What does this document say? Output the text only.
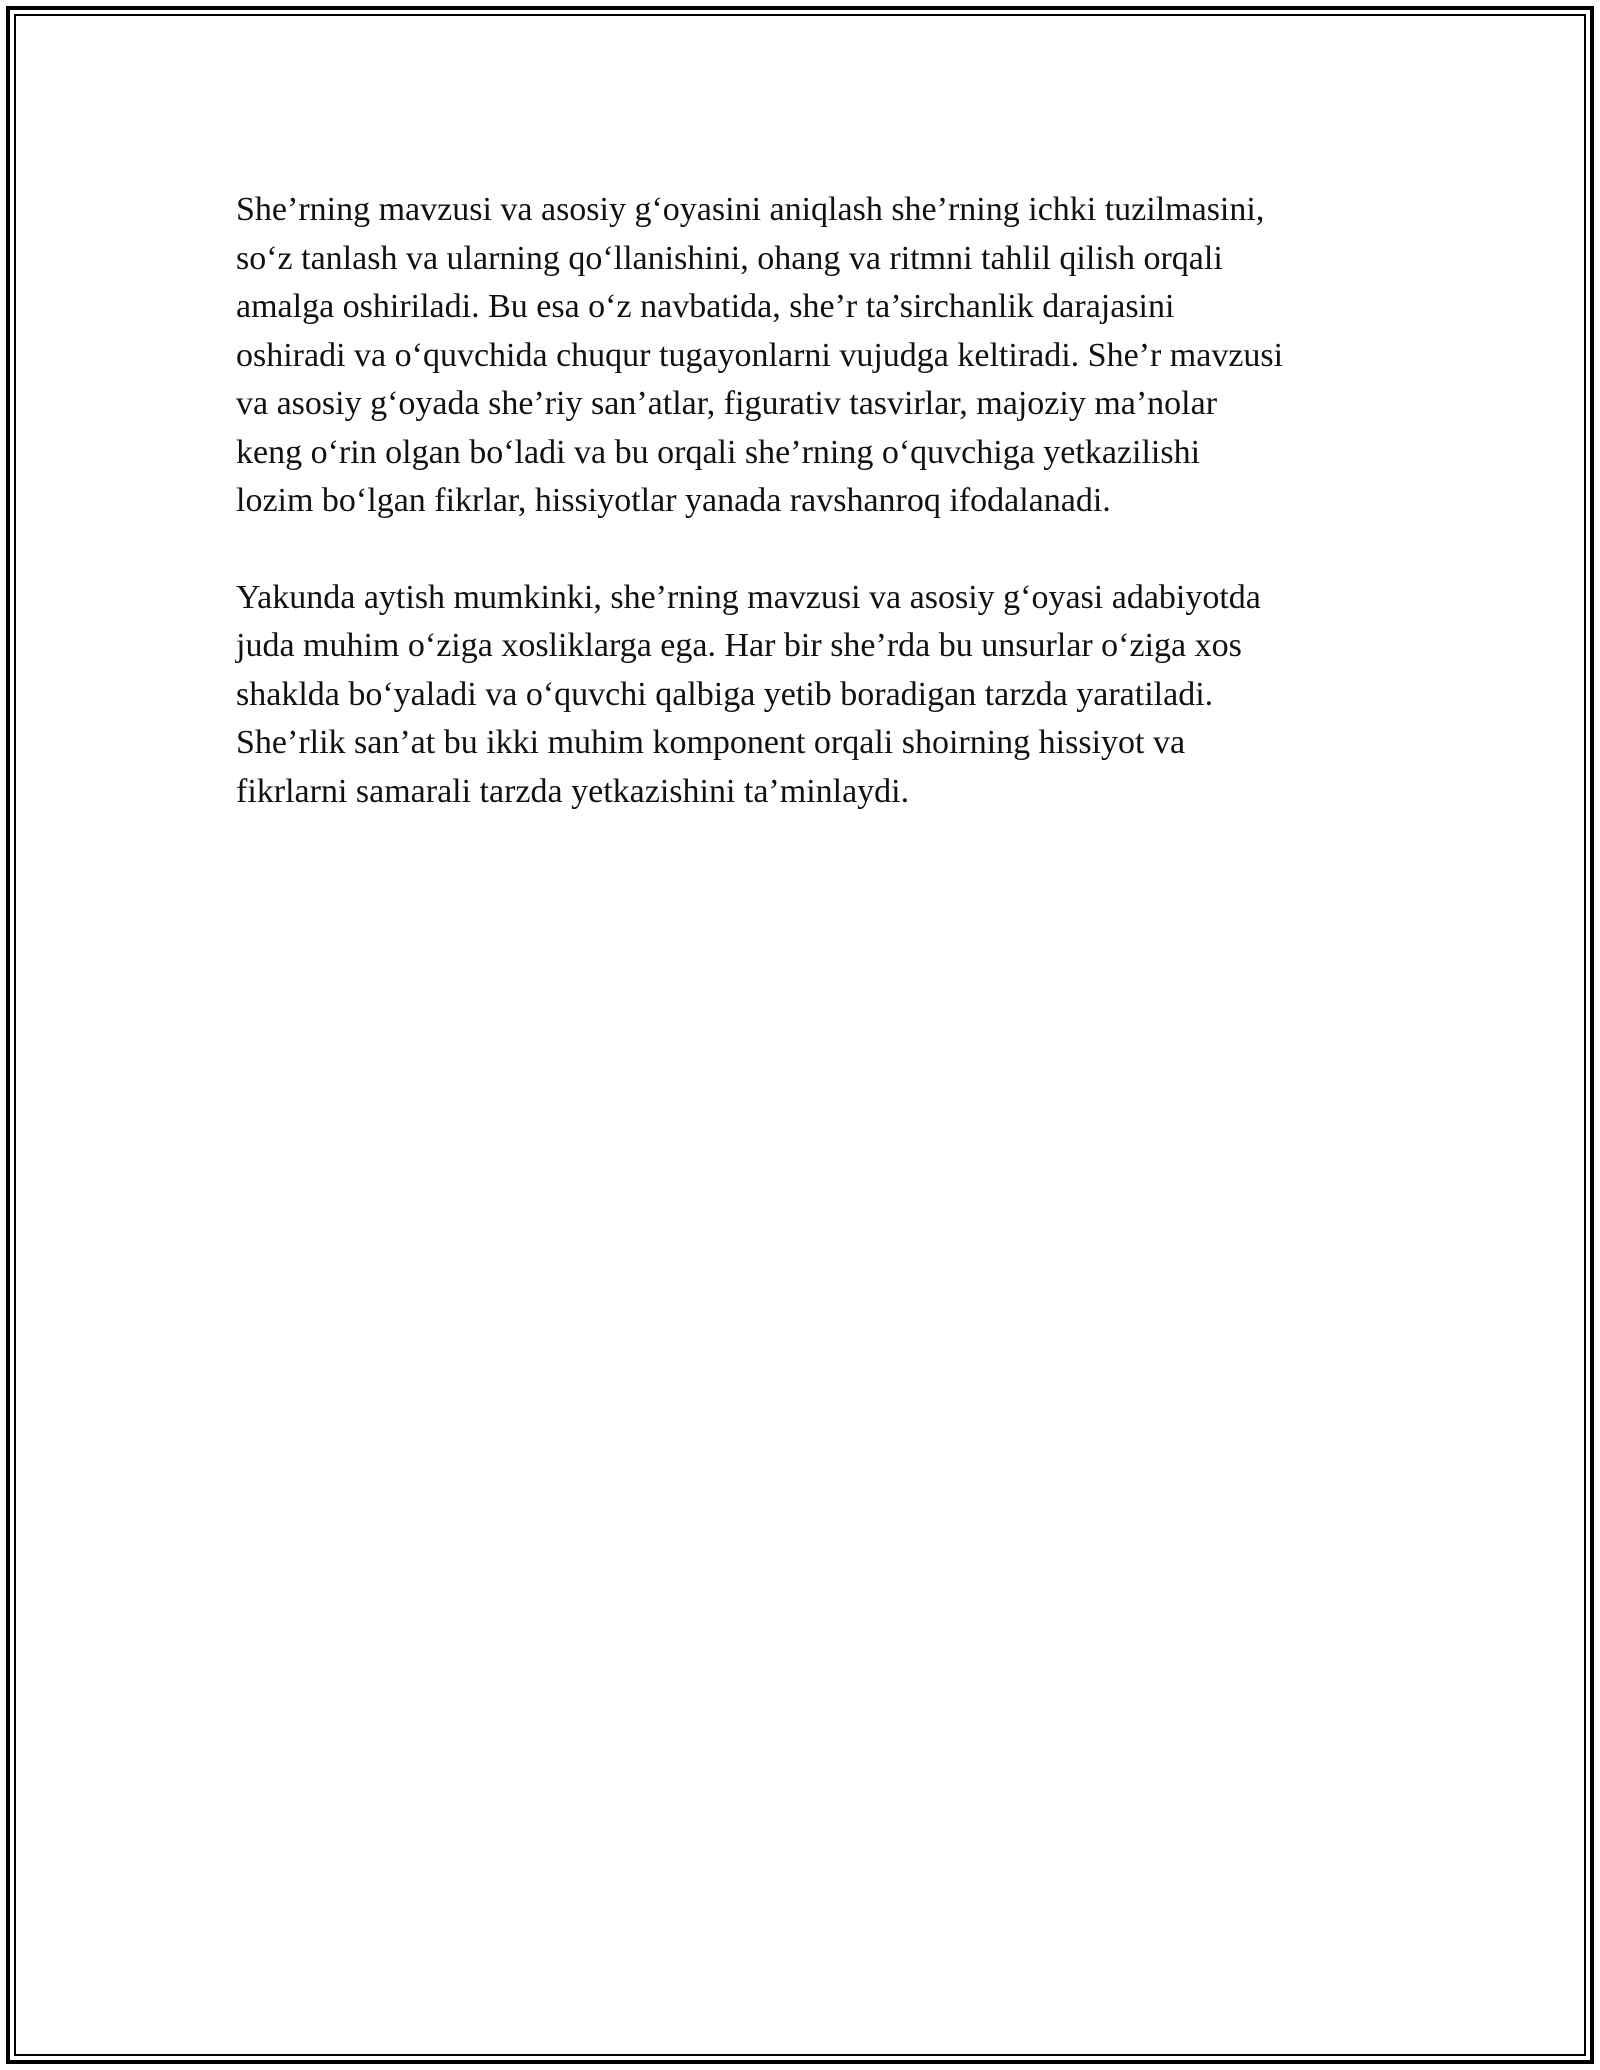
She’rning mavzusi va asosiy g‘oyasini aniqlash she’rning ichki tuzilmasini,
so‘z tanlash va ularning qo‘llanishini, ohang va ritmni tahlil qilish orqali
amalga oshiriladi. Bu esa o‘z navbatida, she’r ta’sirchanlik darajasini
oshiradi va o‘quvchida chuqur tugayonlarni vujudga keltiradi. She’r mavzusi
va asosiy g‘oyada she’riy san’atlar, figurativ tasvirlar, majoziy ma’nolar
keng o‘rin olgan bo‘ladi va bu orqali she’rning o‘quvchiga yetkazilishi
lozim bo‘lgan fikrlar, hissiyotlar yanada ravshanroq ifodalanadi.

Yakunda aytish mumkinki, she’rning mavzusi va asosiy g‘oyasi adabiyotda
juda muhim o‘ziga xosliklarga ega. Har bir she’rda bu unsurlar o‘ziga xos
shaklda bo‘yaladi va o‘quvchi qalbiga yetib boradigan tarzda yaratiladi.
She’rlik san’at bu ikki muhim komponent orqali shoirning hissiyot va
fikrlarni samarali tarzda yetkazishini ta’minlaydi.
